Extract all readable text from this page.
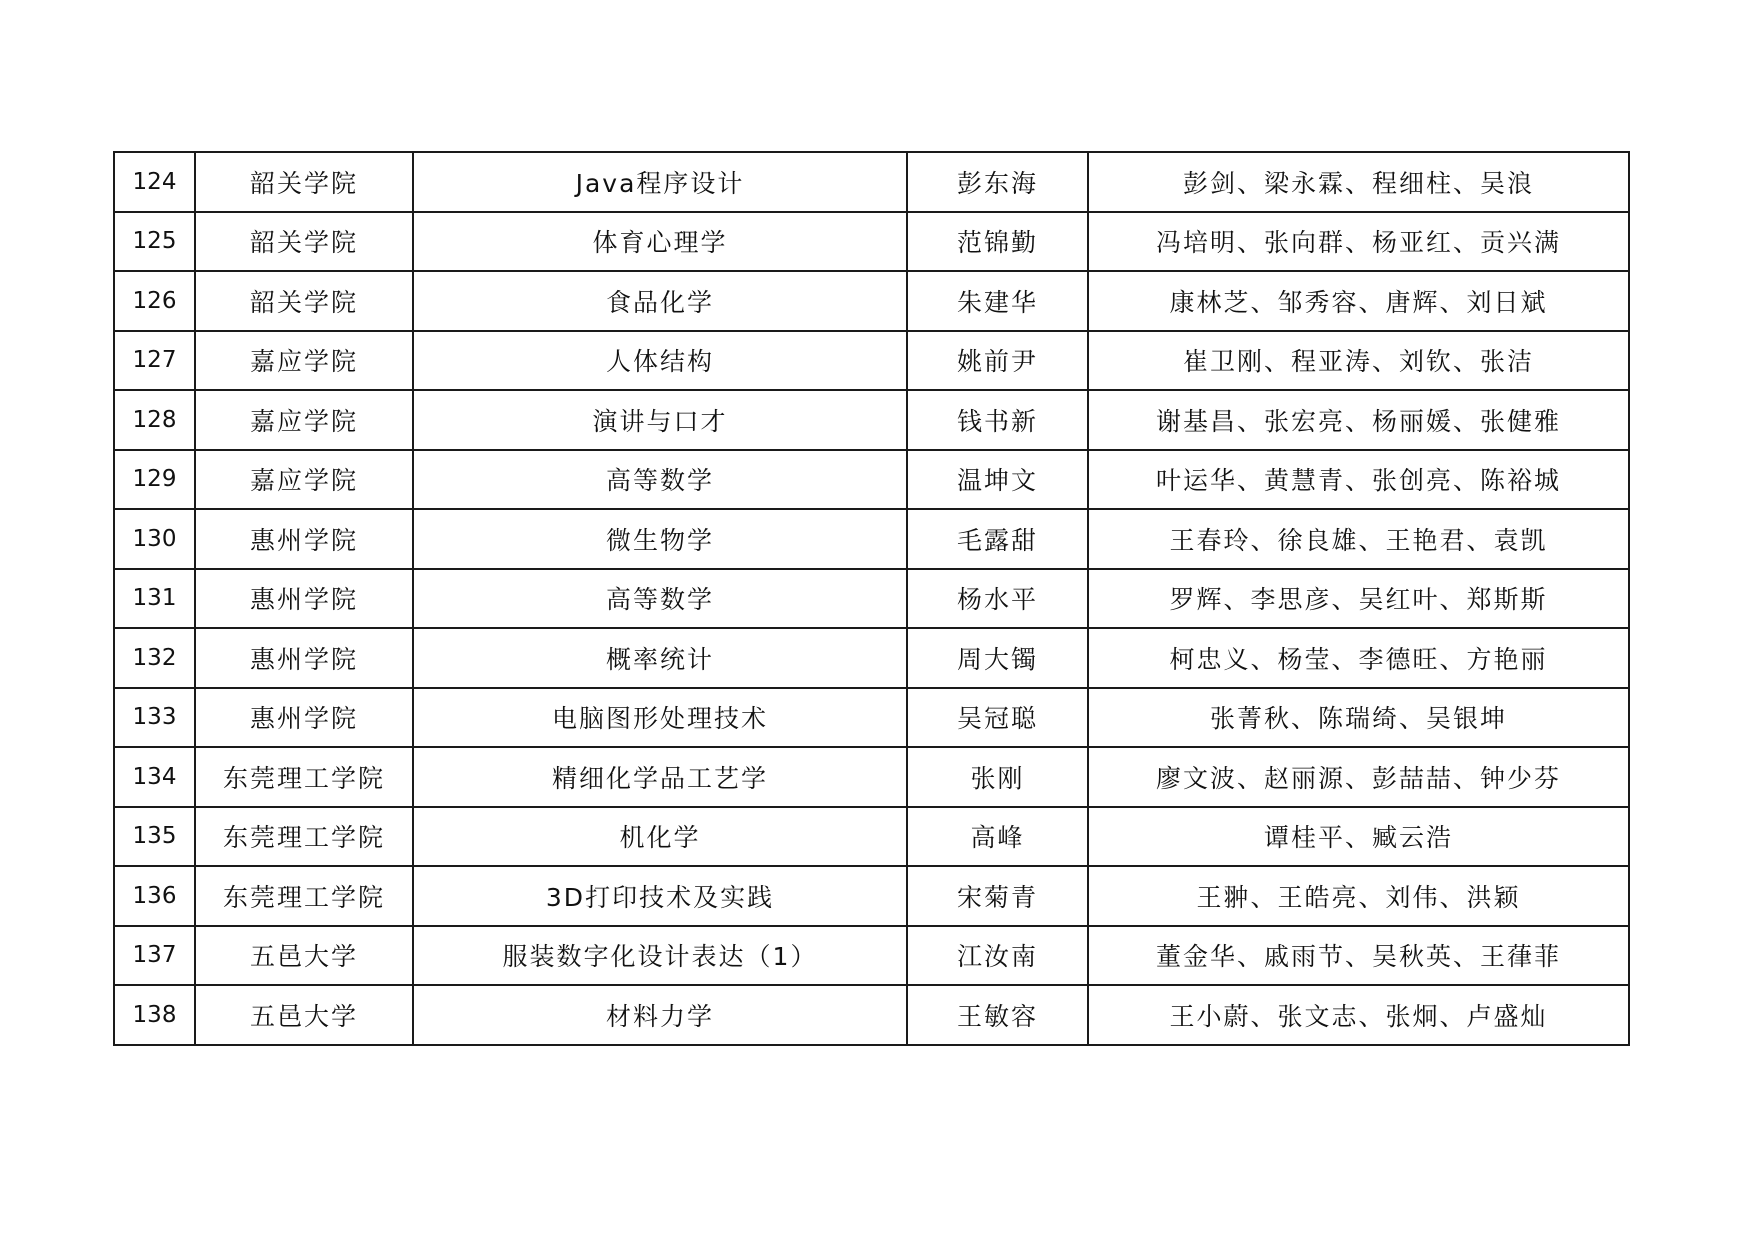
124	韶关学院	Java程序设计	彭东海	彭剑、梁永霖、程细柱、吴浪
125	韶关学院	体育心理学	范锦勤	冯培明、张向群、杨亚红、贡兴满
126	韶关学院	食品化学	朱建华	康林芝、邹秀容、唐辉、刘日斌
127	嘉应学院	人体结构	姚前尹	崔卫刚、程亚涛、刘钦、张洁
128	嘉应学院	演讲与口才	钱书新	谢基昌、张宏亮、杨丽媛、张健雅
129	嘉应学院	高等数学	温坤文	叶运华、黄慧青、张创亮、陈裕城
130	惠州学院	微生物学	毛露甜	王春玲、徐良雄、王艳君、袁凯
131	惠州学院	高等数学	杨水平	罗辉、李思彦、吴红叶、郑斯斯
132	惠州学院	概率统计	周大镯	柯忠义、杨莹、李德旺、方艳丽
133	惠州学院	电脑图形处理技术	吴冠聪	张菁秋、陈瑞绮、吴银坤
134	东莞理工学院	精细化学品工艺学	张刚	廖文波、赵丽源、彭喆喆、钟少芬
135	东莞理工学院	机化学	高峰	谭桂平、臧云浩
136	东莞理工学院	3D打印技术及实践	宋菊青	王翀、王皓亮、刘伟、洪颖
137	五邑大学	服装数字化设计表达（1）	江汝南	董金华、戚雨节、吴秋英、王葎菲
138	五邑大学	材料力学	王敏容	王小蔚、张文志、张炯、卢盛灿
